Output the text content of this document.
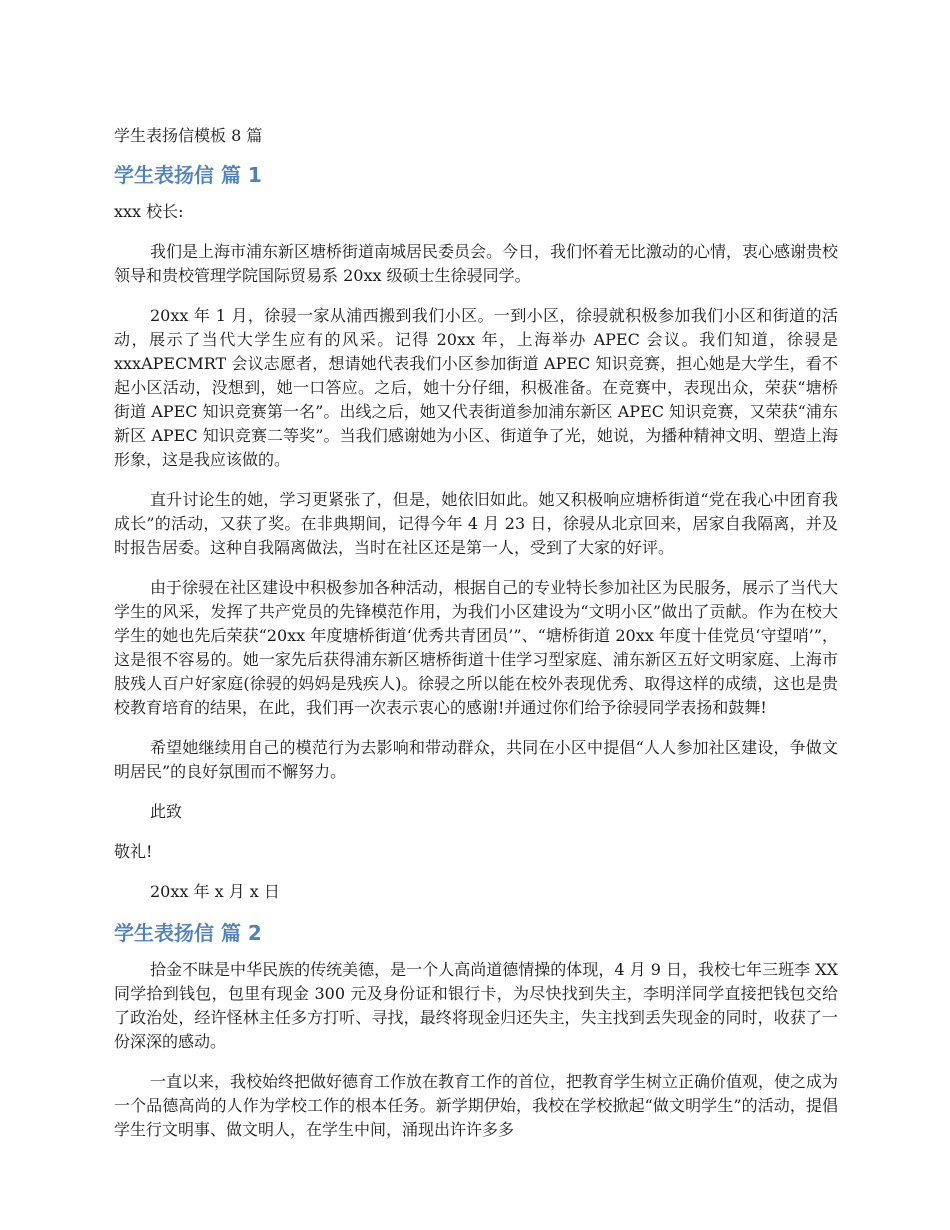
学生表扬信模板 8 篇
学生表扬信 篇 1

xxx 校长:

我们是上海市浦东新区塘桥街道南城居民委员会。今日，我们怀着无比激动的心情，衷心感谢贵校领导和贵校管理学院国际贸易系 20xx 级硕士生徐骎同学。

20xx 年 1 月，徐骎一家从浦西搬到我们小区。一到小区，徐骎就积极参加我们小区和街道的活动，展示了当代大学生应有的风采。记得 20xx 年，上海举办 APEC 会议。我们知道，徐骎是 xxxAPECMRT 会议志愿者，想请她代表我们小区参加街道 APEC 知识竞赛，担心她是大学生，看不起小区活动，没想到，她一口答应。之后，她十分仔细，积极准备。在竞赛中，表现出众，荣获“塘桥街道 APEC 知识竞赛第一名”。出线之后，她又代表街道参加浦东新区 APEC 知识竞赛，又荣获“浦东新区 APEC 知识竞赛二等奖”。当我们感谢她为小区、街道争了光，她说，为播种精神文明、塑造上海形象，这是我应该做的。

直升讨论生的她，学习更紧张了，但是，她依旧如此。她又积极响应塘桥街道“党在我心中团育我成长”的活动，又获了奖。在非典期间，记得今年 4 月 23 日，徐骎从北京回来，居家自我隔离，并及时报告居委。这种自我隔离做法，当时在社区还是第一人，受到了大家的好评。

由于徐骎在社区建设中积极参加各种活动，根据自己的专业特长参加社区为民服务，展示了当代大学生的风采，发挥了共产党员的先锋模范作用，为我们小区建设为“文明小区”做出了贡献。作为在校大学生的她也先后荣获“20xx 年度塘桥街道‘优秀共青团员’”、“塘桥街道 20xx 年度十佳党员‘守望哨’”，这是很不容易的。她一家先后获得浦东新区塘桥街道十佳学习型家庭、浦东新区五好文明家庭、上海市肢残人百户好家庭(徐骎的妈妈是残疾人)。徐骎之所以能在校外表现优秀、取得这样的成绩，这也是贵校教育培育的结果，在此，我们再一次表示衷心的感谢!并通过你们给予徐骎同学表扬和鼓舞!

希望她继续用自己的模范行为去影响和带动群众，共同在小区中提倡“人人参加社区建设，争做文明居民”的良好氛围而不懈努力。

此致

敬礼!

20xx 年 x 月 x 日

学生表扬信 篇 2

拾金不昧是中华民族的传统美德，是一个人高尚道德情操的体现，4 月 9 日，我校七年三班李 XX 同学拾到钱包，包里有现金 300 元及身份证和银行卡，为尽快找到失主，李明洋同学直接把钱包交给了政治处，经许怪林主任多方打听、寻找，最终将现金归还失主，失主找到丢失现金的同时，收获了一份深深的感动。

一直以来，我校始终把做好德育工作放在教育工作的首位，把教育学生树立正确价值观，使之成为一个品德高尚的人作为学校工作的根本任务。新学期伊始，我校在学校掀起“做文明学生”的活动，提倡学生行文明事、做文明人，在学生中间，涌现出许许多多
